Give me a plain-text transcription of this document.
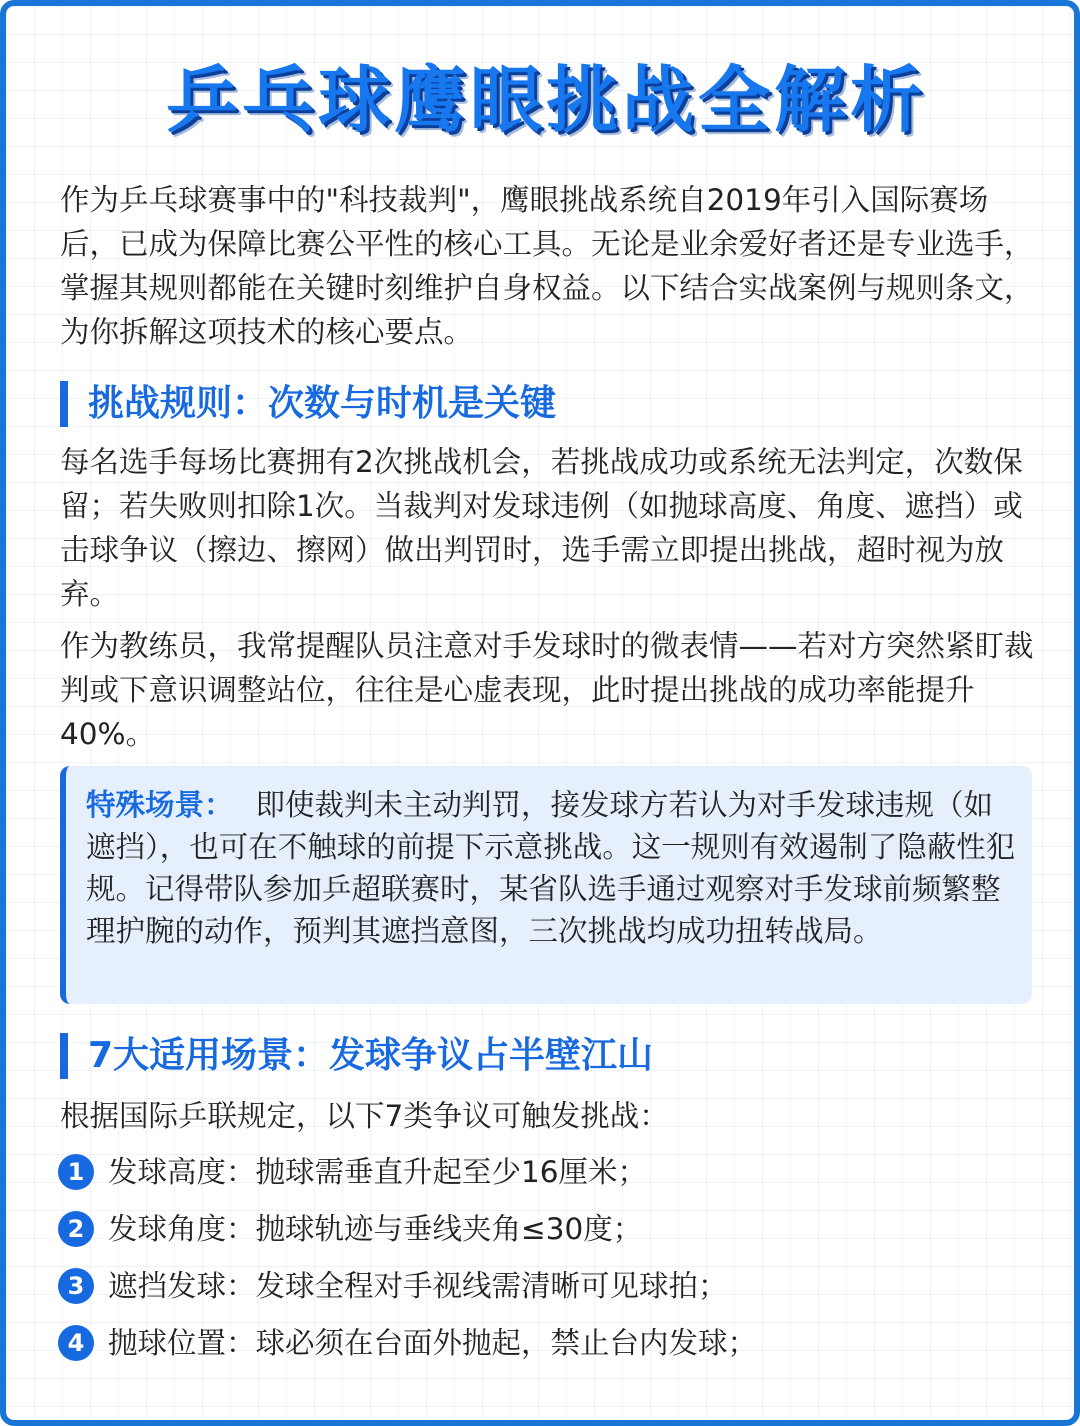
乒乓球鹰眼挑战全解析

作为乒乓球赛事中的"科技裁判"，鹰眼挑战系统自2019年引入国际赛场后，已成为保障比赛公平性的核心工具。无论是业余爱好者还是专业选手，掌握其规则都能在关键时刻维护自身权益。以下结合实战案例与规则条文，为你拆解这项技术的核心要点。

挑战规则：次数与时机是关键

每名选手每场比赛拥有2次挑战机会，若挑战成功或系统无法判定，次数保留；若失败则扣除1次。当裁判对发球违例（如抛球高度、角度、遮挡）或击球争议（擦边、擦网）做出判罚时，选手需立即提出挑战，超时视为放弃。

作为教练员，我常提醒队员注意对手发球时的微表情——若对方突然紧盯裁判或下意识调整站位，往往是心虚表现，此时提出挑战的成功率能提升40%。

特殊场景： 即使裁判未主动判罚，接发球方若认为对手发球违规（如遮挡），也可在不触球的前提下示意挑战。这一规则有效遏制了隐蔽性犯规。记得带队参加乒超联赛时，某省队选手通过观察对手发球前频繁整理护腕的动作，预判其遮挡意图，三次挑战均成功扭转战局。

7大适用场景：发球争议占半壁江山

根据国际乒联规定，以下7类争议可触发挑战：

1 发球高度：抛球需垂直升起至少16厘米；
2 发球角度：抛球轨迹与垂线夹角≤30度；
3 遮挡发球：发球全程对手视线需清晰可见球拍；
4 抛球位置：球必须在台面外抛起，禁止台内发球；
